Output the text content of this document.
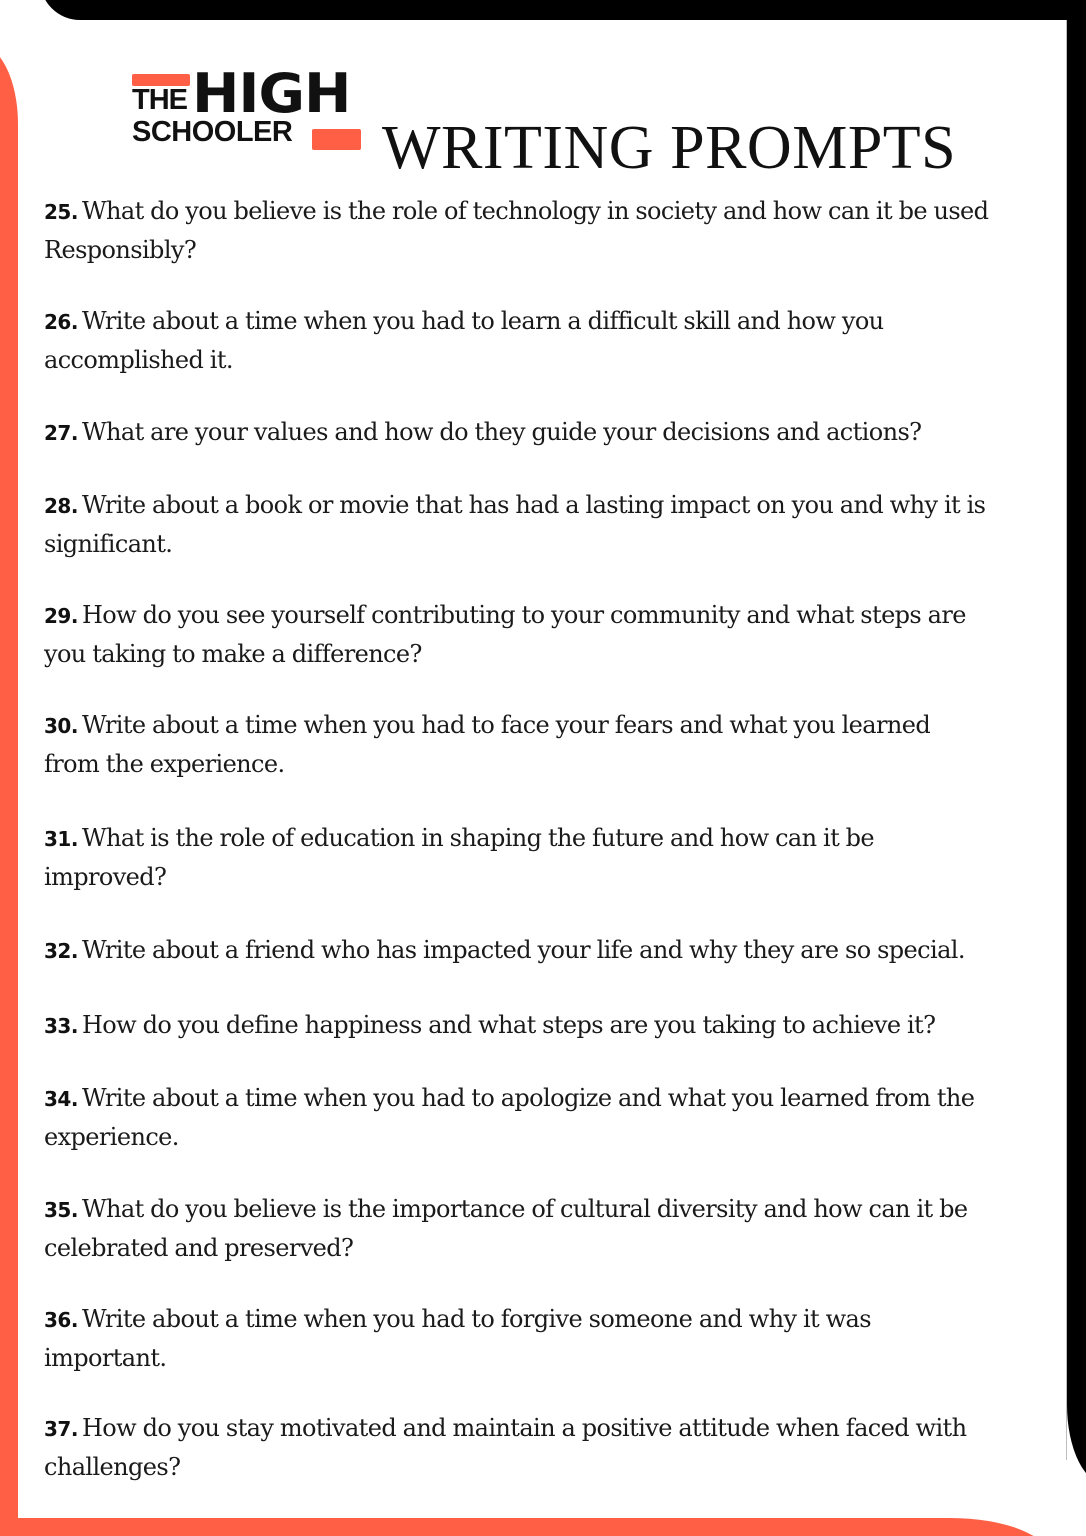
THE HIGH
SCHOOLER WRITING PROMPTS

25. What do you believe is the role of technology in society and how can it be used
Responsibly?

26. Write about a time when you had to learn a difficult skill and how you
accomplished it.

27. What are your values and how do they guide your decisions and actions?

28. Write about a book or movie that has had a lasting impact on you and why it is
significant.

29. How do you see yourself contributing to your community and what steps are
you taking to make a difference?

30. Write about a time when you had to face your fears and what you learned
from the experience.

31. What is the role of education in shaping the future and how can it be
improved?

32. Write about a friend who has impacted your life and why they are so special.

33. How do you define happiness and what steps are you taking to achieve it?

34. Write about a time when you had to apologize and what you learned from the
experience.

35. What do you believe is the importance of cultural diversity and how can it be
celebrated and preserved?

36. Write about a time when you had to forgive someone and why it was
important.

37. How do you stay motivated and maintain a positive attitude when faced with
challenges?
